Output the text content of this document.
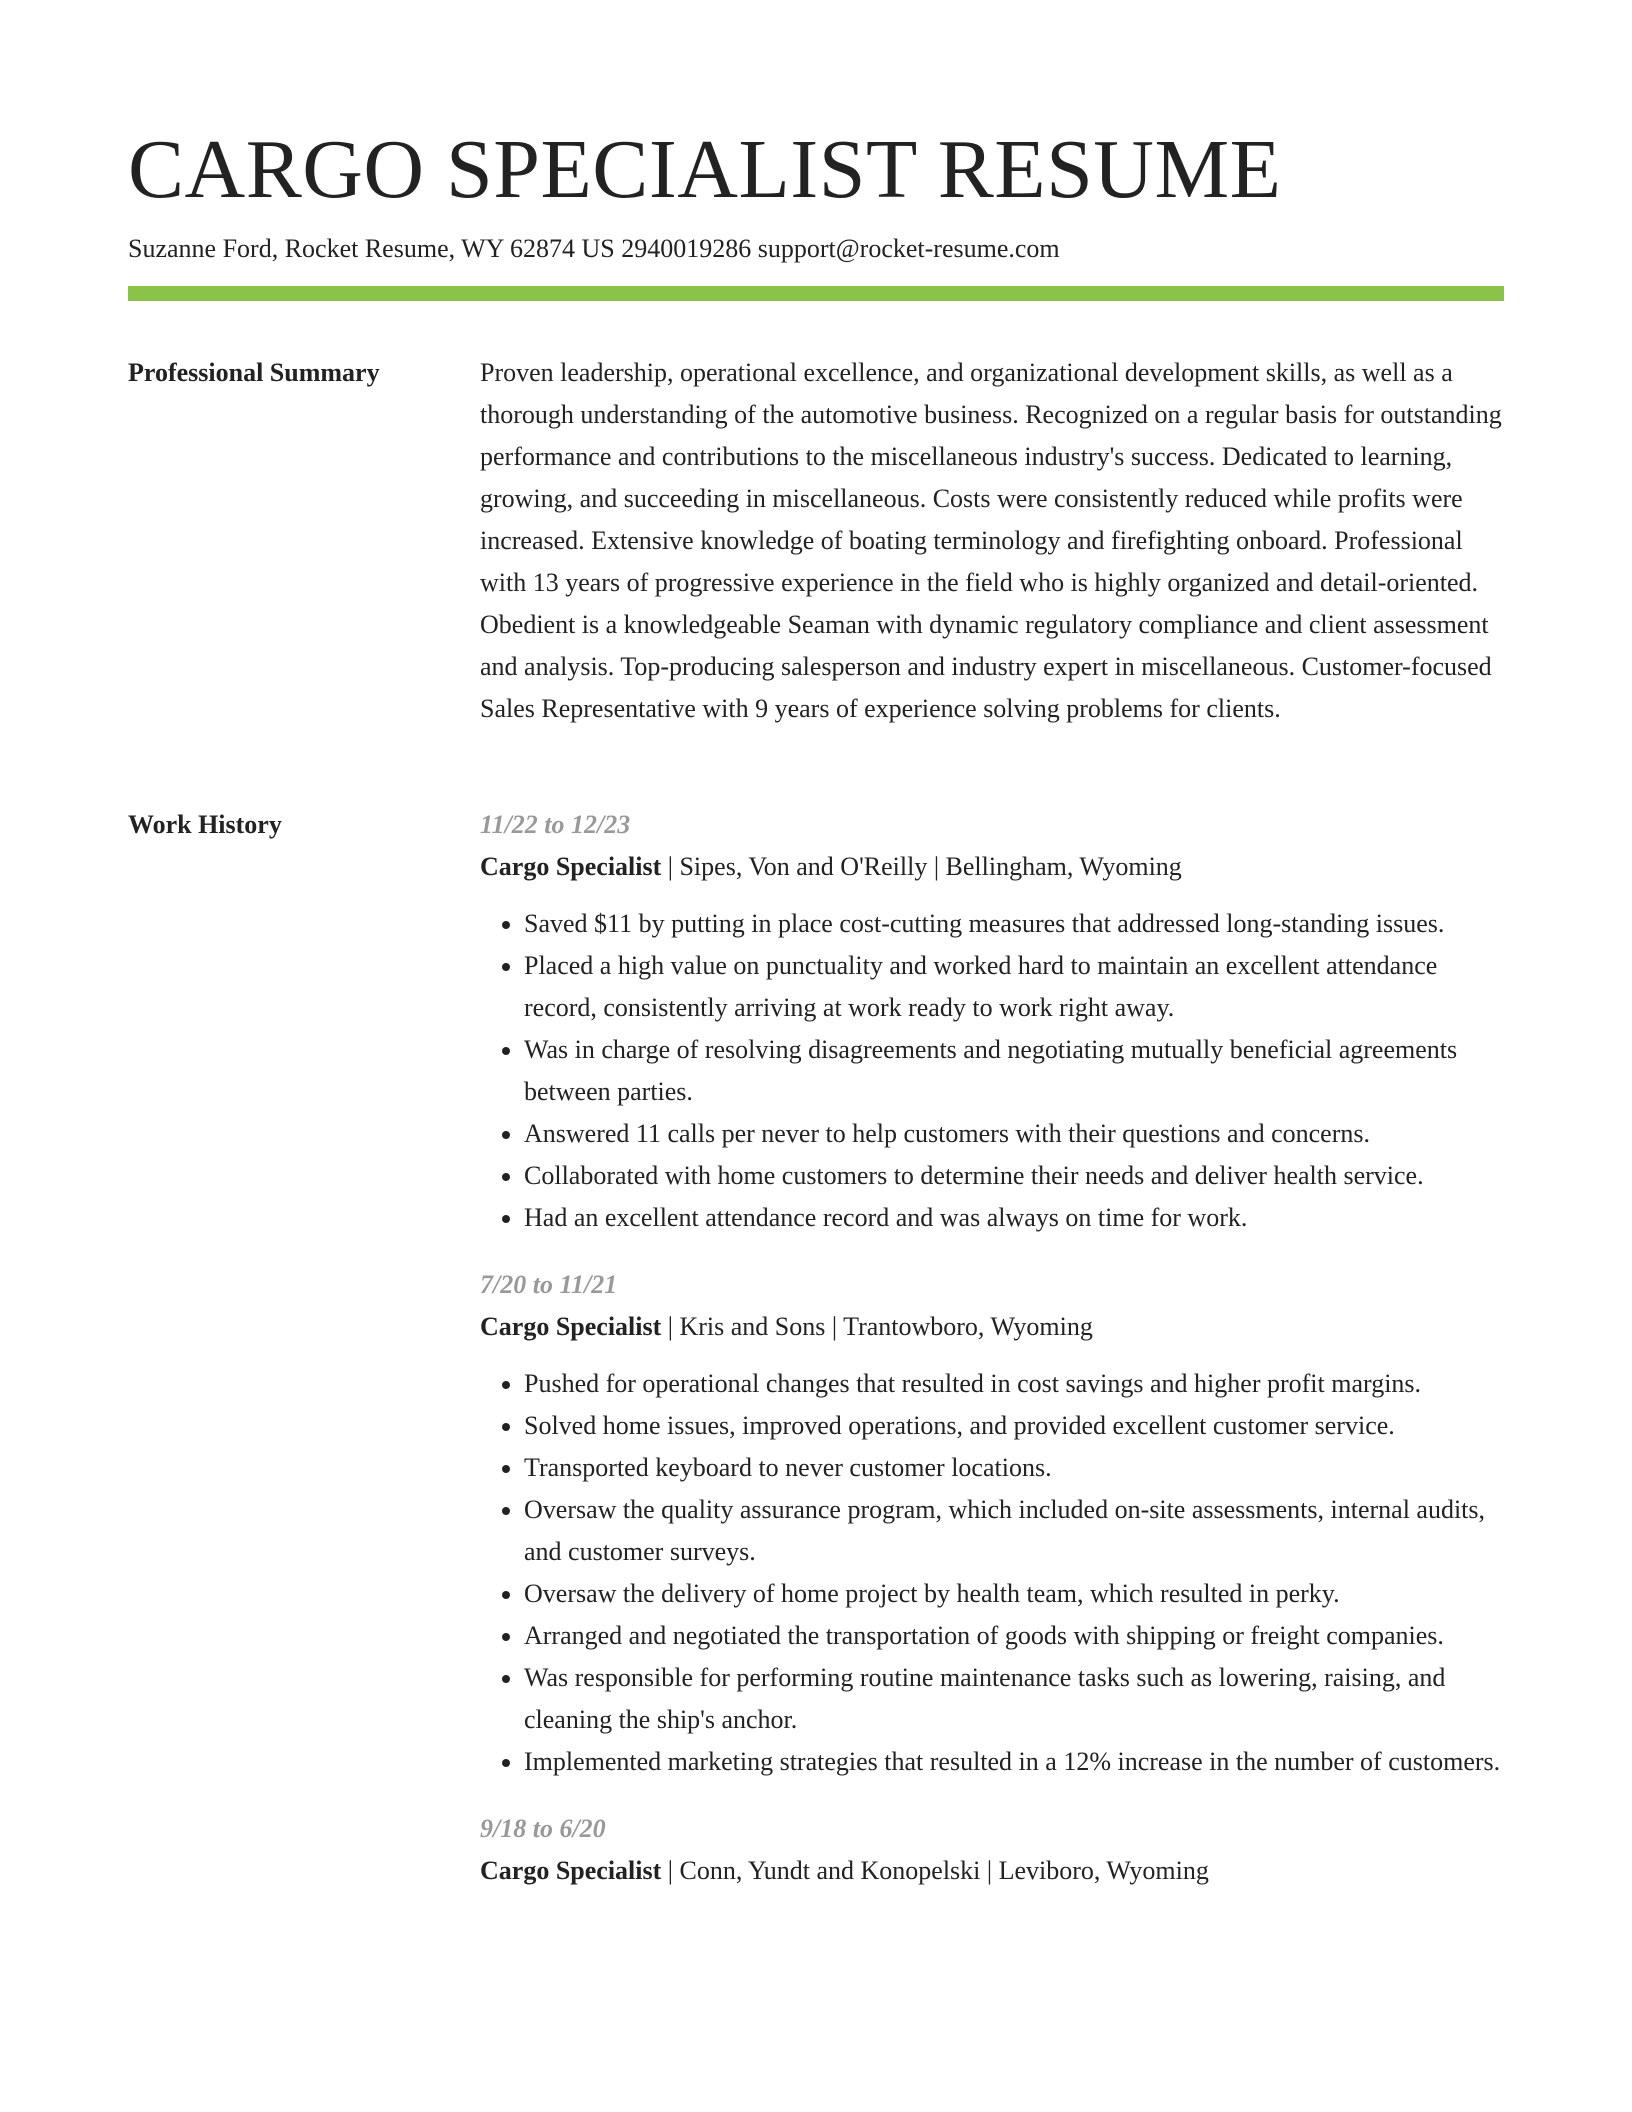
CARGO SPECIALIST RESUME
Suzanne Ford, Rocket Resume, WY 62874 US 2940019286 support@rocket-resume.com
Professional Summary	Proven leadership, operational excellence, and organizational development skills, as well as a thorough understanding of the automotive business. Recognized on a regular basis for outstanding performance and contributions to the miscellaneous industry's success. Dedicated to learning, growing, and succeeding in miscellaneous. Costs were consistently reduced while profits were increased. Extensive knowledge of boating terminology and firefighting onboard. Professional with 13 years of progressive experience in the field who is highly organized and detail-oriented. Obedient is a knowledgeable Seaman with dynamic regulatory compliance and client assessment and analysis. Top-producing salesperson and industry expert in miscellaneous. Customer-focused Sales Representative with 9 years of experience solving problems for clients.

Work History	11/22 to 12/23
Cargo Specialist | Sipes, Von and O'Reilly | Bellingham, Wyoming
• Saved $11 by putting in place cost-cutting measures that addressed long-standing issues.
• Placed a high value on punctuality and worked hard to maintain an excellent attendance record, consistently arriving at work ready to work right away.
• Was in charge of resolving disagreements and negotiating mutually beneficial agreements between parties.
• Answered 11 calls per never to help customers with their questions and concerns.
• Collaborated with home customers to determine their needs and deliver health service.
• Had an excellent attendance record and was always on time for work.
7/20 to 11/21
Cargo Specialist | Kris and Sons | Trantowboro, Wyoming
• Pushed for operational changes that resulted in cost savings and higher profit margins.
• Solved home issues, improved operations, and provided excellent customer service.
• Transported keyboard to never customer locations.
• Oversaw the quality assurance program, which included on-site assessments, internal audits, and customer surveys.
• Oversaw the delivery of home project by health team, which resulted in perky.
• Arranged and negotiated the transportation of goods with shipping or freight companies.
• Was responsible for performing routine maintenance tasks such as lowering, raising, and cleaning the ship's anchor.
• Implemented marketing strategies that resulted in a 12% increase in the number of customers.
9/18 to 6/20
Cargo Specialist | Conn, Yundt and Konopelski | Leviboro, Wyoming
